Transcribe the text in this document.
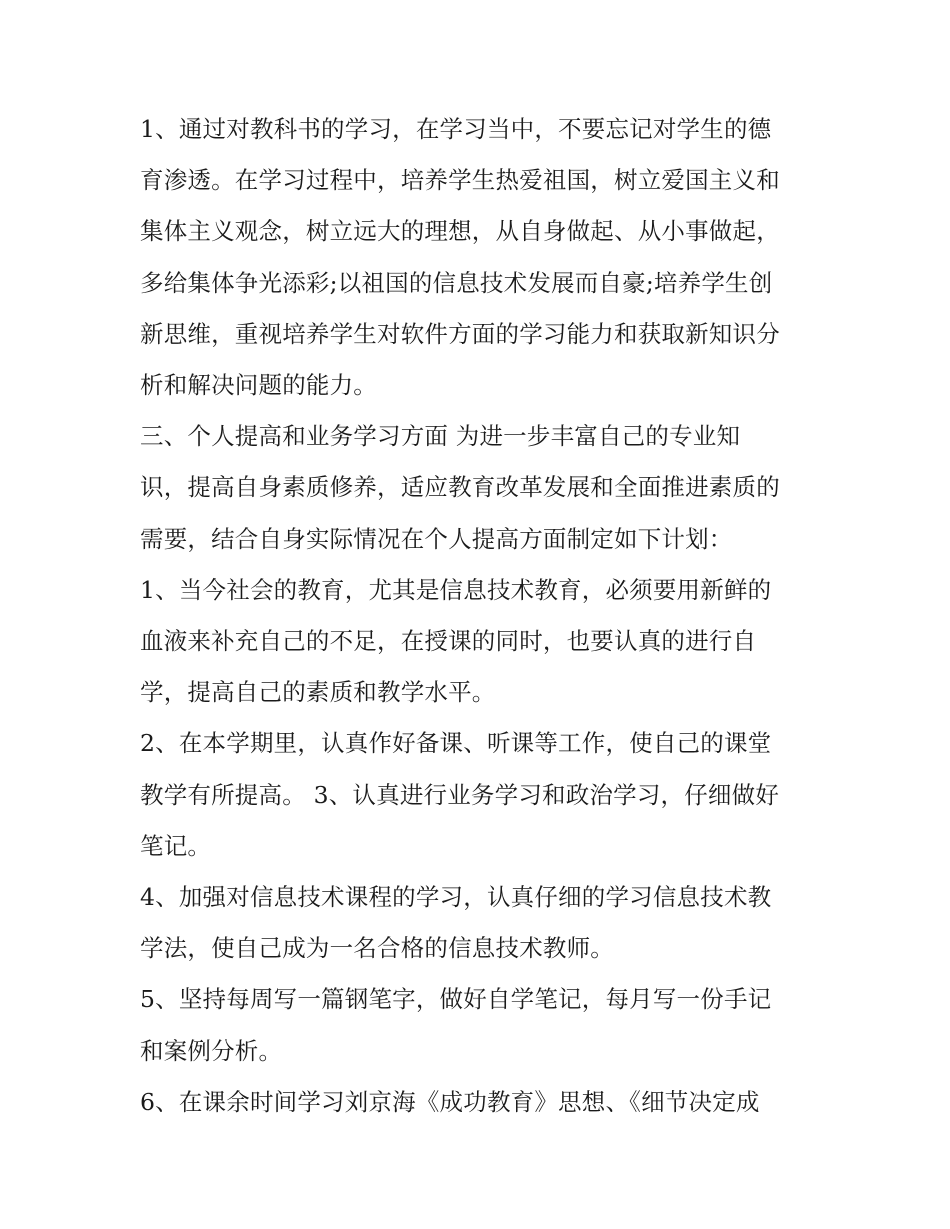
1、通过对教科书的学习，在学习当中，不要忘记对学生的德

育渗透。在学习过程中，培养学生热爱祖国，树立爱国主义和

集体主义观念，树立远大的理想，从自身做起、从小事做起，

多给集体争光添彩;以祖国的信息技术发展而自豪;培养学生创

新思维，重视培养学生对软件方面的学习能力和获取新知识分

析和解决问题的能力。

三、个人提高和业务学习方面 为进一步丰富自己的专业知

识，提高自身素质修养，适应教育改革发展和全面推进素质的

需要，结合自身实际情况在个人提高方面制定如下计划：

1、当今社会的教育，尤其是信息技术教育，必须要用新鲜的

血液来补充自己的不足，在授课的同时，也要认真的进行自

学，提高自己的素质和教学水平。

2、在本学期里，认真作好备课、听课等工作，使自己的课堂

教学有所提高。 3、认真进行业务学习和政治学习，仔细做好

笔记。

4、加强对信息技术课程的学习，认真仔细的学习信息技术教

学法，使自己成为一名合格的信息技术教师。

5、坚持每周写一篇钢笔字，做好自学笔记，每月写一份手记

和案例分析。

6、在课余时间学习刘京海《成功教育》思想、《细节决定成
